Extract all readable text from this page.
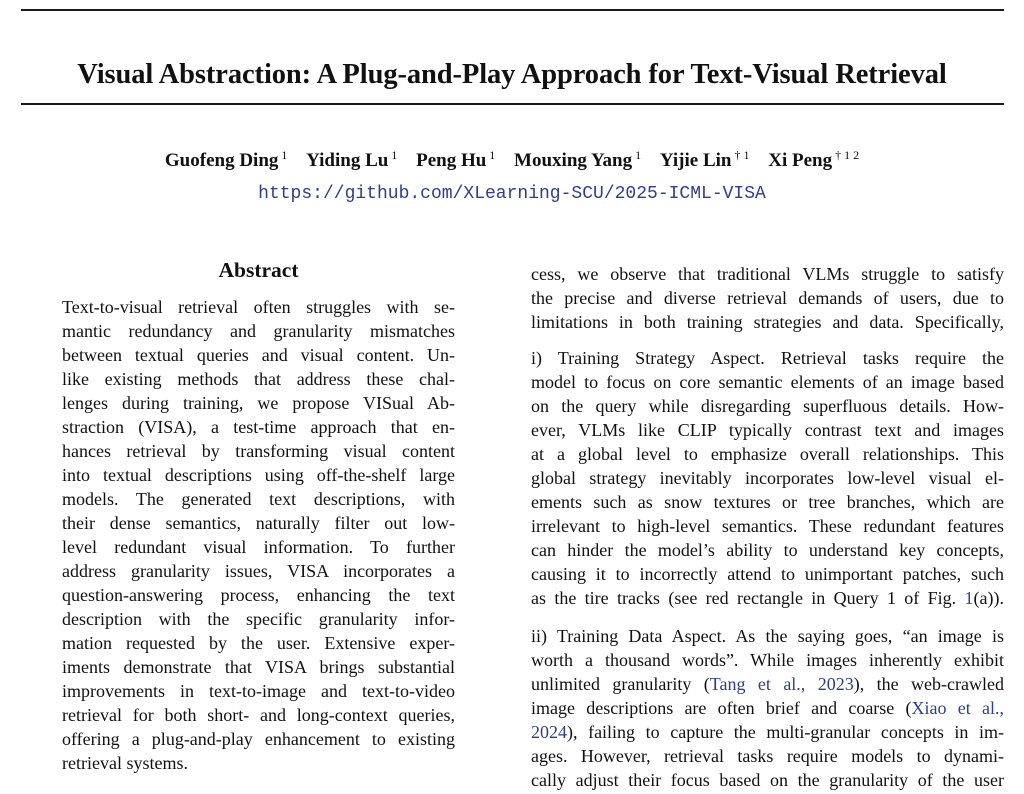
Visual Abstraction: A Plug-and-Play Approach for Text-Visual Retrieval
Guofeng Ding $^1$ Yiding Lu $^1$ Peng Hu $^1$ Mouxing Yang $^1$ Yijie Lin $^{\dagger 1}$ Xi Peng $^{\dagger 1 2}$
https://github.com/XLearning-SCU/2025-ICML-VISA
Abstract
Text-to-visual retrieval often struggles with se-
mantic redundancy and granularity mismatches
between textual queries and visual content. Un-
like existing methods that address these chal-
lenges during training, we propose VISual Ab-
straction (VISA), a test-time approach that en-
hances retrieval by transforming visual content
into textual descriptions using off-the-shelf large
models. The generated text descriptions, with
their dense semantics, naturally filter out low-
level redundant visual information. To further
address granularity issues, VISA incorporates a
question-answering process, enhancing the text
description with the specific granularity infor-
mation requested by the user. Extensive exper-
iments demonstrate that VISA brings substantial
improvements in text-to-image and text-to-video
retrieval for both short- and long-context queries,
offering a plug-and-play enhancement to existing
retrieval systems.
cess, we observe that traditional VLMs struggle to satisfy
the precise and diverse retrieval demands of users, due to
limitations in both training strategies and data. Specifically,
i) Training Strategy Aspect. Retrieval tasks require the
model to focus on core semantic elements of an image based
on the query while disregarding superfluous details. How-
ever, VLMs like CLIP typically contrast text and images
at a global level to emphasize overall relationships. This
global strategy inevitably incorporates low-level visual el-
ements such as snow textures or tree branches, which are
irrelevant to high-level semantics. These redundant features
can hinder the model’s ability to understand key concepts,
causing it to incorrectly attend to unimportant patches, such
as the tire tracks (see red rectangle in Query 1 of Fig. 1(a)).
ii) Training Data Aspect. As the saying goes, “an image is
worth a thousand words”. While images inherently exhibit
unlimited granularity (Tang et al., 2023), the web-crawled
image descriptions are often brief and coarse (Xiao et al.,
2024), failing to capture the multi-granular concepts in im-
ages. However, retrieval tasks require models to dynami-
cally adjust their focus based on the granularity of the user
